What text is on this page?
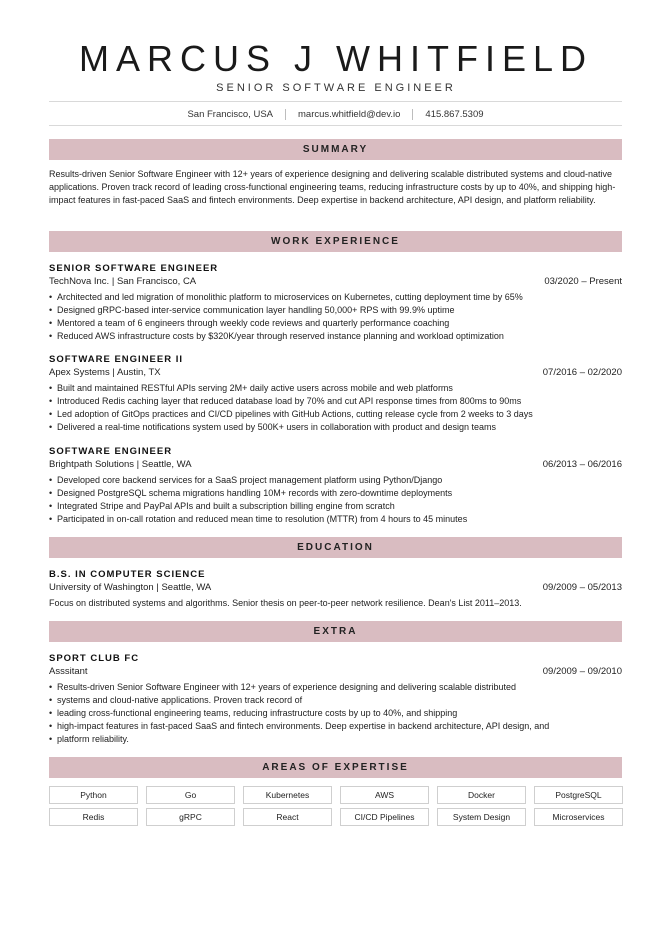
MARCUS J WHITFIELD
SENIOR SOFTWARE ENGINEER
San Francisco, USA	marcus.whitfield@dev.io	415.867.5309
SUMMARY
Results-driven Senior Software Engineer with 12+ years of experience designing and delivering scalable distributed systems and cloud-native applications. Proven track record of leading cross-functional engineering teams, reducing infrastructure costs by up to 40%, and shipping high-impact features in fast-paced SaaS and fintech environments. Deep expertise in backend architecture, API design, and platform reliability.
WORK EXPERIENCE
SENIOR SOFTWARE ENGINEER
TechNova Inc. | San Francisco, CA	03/2020 – Present
• Architected and led migration of monolithic platform to microservices on Kubernetes, cutting deployment time by 65%
• Designed gRPC-based inter-service communication layer handling 50,000+ RPS with 99.9% uptime
• Mentored a team of 6 engineers through weekly code reviews and quarterly performance coaching
• Reduced AWS infrastructure costs by $320K/year through reserved instance planning and workload optimization
SOFTWARE ENGINEER II
Apex Systems | Austin, TX	07/2016 – 02/2020
• Built and maintained RESTful APIs serving 2M+ daily active users across mobile and web platforms
• Introduced Redis caching layer that reduced database load by 70% and cut API response times from 800ms to 90ms
• Led adoption of GitOps practices and CI/CD pipelines with GitHub Actions, cutting release cycle from 2 weeks to 3 days
• Delivered a real-time notifications system used by 500K+ users in collaboration with product and design teams
SOFTWARE ENGINEER
Brightpath Solutions | Seattle, WA	06/2013 – 06/2016
• Developed core backend services for a SaaS project management platform using Python/Django
• Designed PostgreSQL schema migrations handling 10M+ records with zero-downtime deployments
• Integrated Stripe and PayPal APIs and built a subscription billing engine from scratch
• Participated in on-call rotation and reduced mean time to resolution (MTTR) from 4 hours to 45 minutes
EDUCATION
B.S. IN COMPUTER SCIENCE
University of Washington | Seattle, WA	09/2009 – 05/2013
Focus on distributed systems and algorithms. Senior thesis on peer-to-peer network resilience. Dean's List 2011–2013.
EXTRA
SPORT CLUB FC
Asssitant	09/2009 – 09/2010
• Results-driven Senior Software Engineer with 12+ years of experience designing and delivering scalable distributed
• systems and cloud-native applications. Proven track record of
• leading cross-functional engineering teams, reducing infrastructure costs by up to 40%, and shipping
• high-impact features in fast-paced SaaS and fintech environments. Deep expertise in backend architecture, API design, and
• platform reliability.
AREAS OF EXPERTISE
Python	Go	Kubernetes	AWS	Docker	PostgreSQL
Redis	gRPC	React	CI/CD Pipelines	System Design	Microservices
